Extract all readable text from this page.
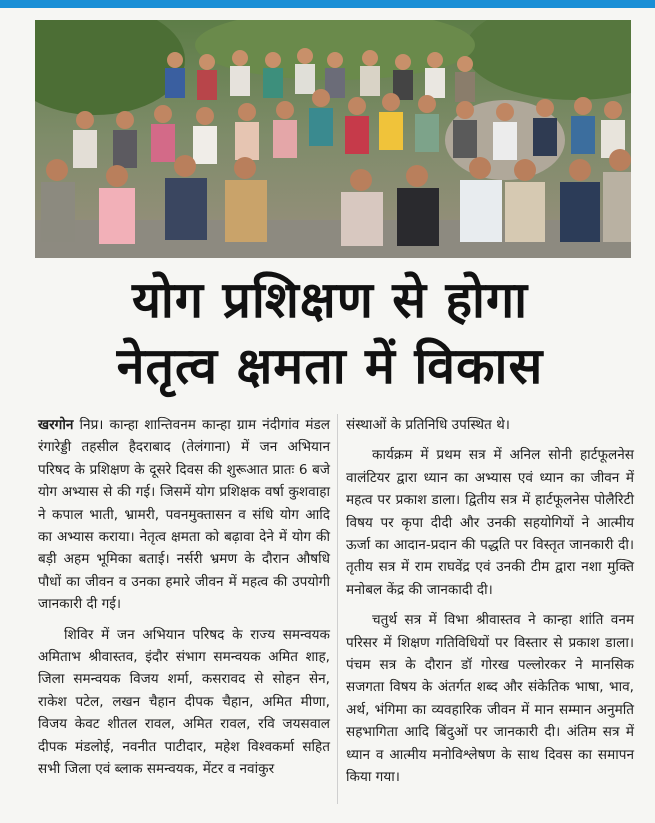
योग प्रशिक्षण से होगा
नेतृत्व क्षमता में विकास

खरगोन निप्र। कान्हा शान्तिवनम कान्हा ग्राम नंदीगांव मंडल रंगारेड्डी तहसील हैदराबाद (तेलंगाना) में जन अभियान परिषद के प्रशिक्षण के दूसरे दिवस की शुरूआत प्रातः 6 बजे योग अभ्यास से की गई। जिसमें योग प्रशिक्षक वर्षा कुशवाहा ने कपाल भाती, भ्रामरी, पवनमुक्तासन व संधि योग आदि का अभ्यास कराया। नेतृत्व क्षमता को बढ़ावा देने में योग की बड़ी अहम भूमिका बताई। नर्सरी भ्रमण के दौरान औषधि पौधों का जीवन व उनका हमारे जीवन में महत्व की उपयोगी जानकारी दी गई।

शिविर में जन अभियान परिषद के राज्य समन्वयक अमिताभ श्रीवास्तव, इंदौर संभाग समन्वयक अमित शाह, जिला समन्वयक विजय शर्मा, कसरावद से सोहन सेन, राकेश पटेल, लखन चैहान दीपक चैहान, अमित मीणा, विजय केवट शीतल रावल, अमित रावल, रवि जयसवाल दीपक मंडलोई, नवनीत पाटीदार, महेश विश्वकर्मा सहित सभी जिला एवं ब्लाक समन्वयक, मेंटर व नवांकुर

संस्थाओं के प्रतिनिधि उपस्थित थे।

कार्यक्रम में प्रथम सत्र में अनिल सोनी हार्टफूलनेस वालंटियर द्वारा ध्यान का अभ्यास एवं ध्यान का जीवन में महत्व पर प्रकाश डाला। द्वितीय सत्र में हार्टफूलनेस पोलैरिटी विषय पर कृपा दीदी और उनकी सहयोगियों ने आत्मीय ऊर्जा का आदान-प्रदान की पद्धति पर विस्तृत जानकारी दी। तृतीय सत्र में राम राघवेंद्र एवं उनकी टीम द्वारा नशा मुक्ति मनोबल केंद्र की जानकादी दी।

चतुर्थ सत्र में विभा श्रीवास्तव ने कान्हा शांति वनम परिसर में शिक्षण गतिविधियों पर विस्तार से प्रकाश डाला। पंचम सत्र के दौरान डॉ गोरख पल्लोरकर ने मानसिक सजगता विषय के अंतर्गत शब्द और संकेतिक भाषा, भाव, अर्थ, भंगिमा का व्यवहारिक जीवन में मान सम्मान अनुमति सहभागिता आदि बिंदुओं पर जानकारी दी। अंतिम सत्र में ध्यान व आत्मीय मनोविश्लेषण के साथ दिवस का समापन किया गया।
